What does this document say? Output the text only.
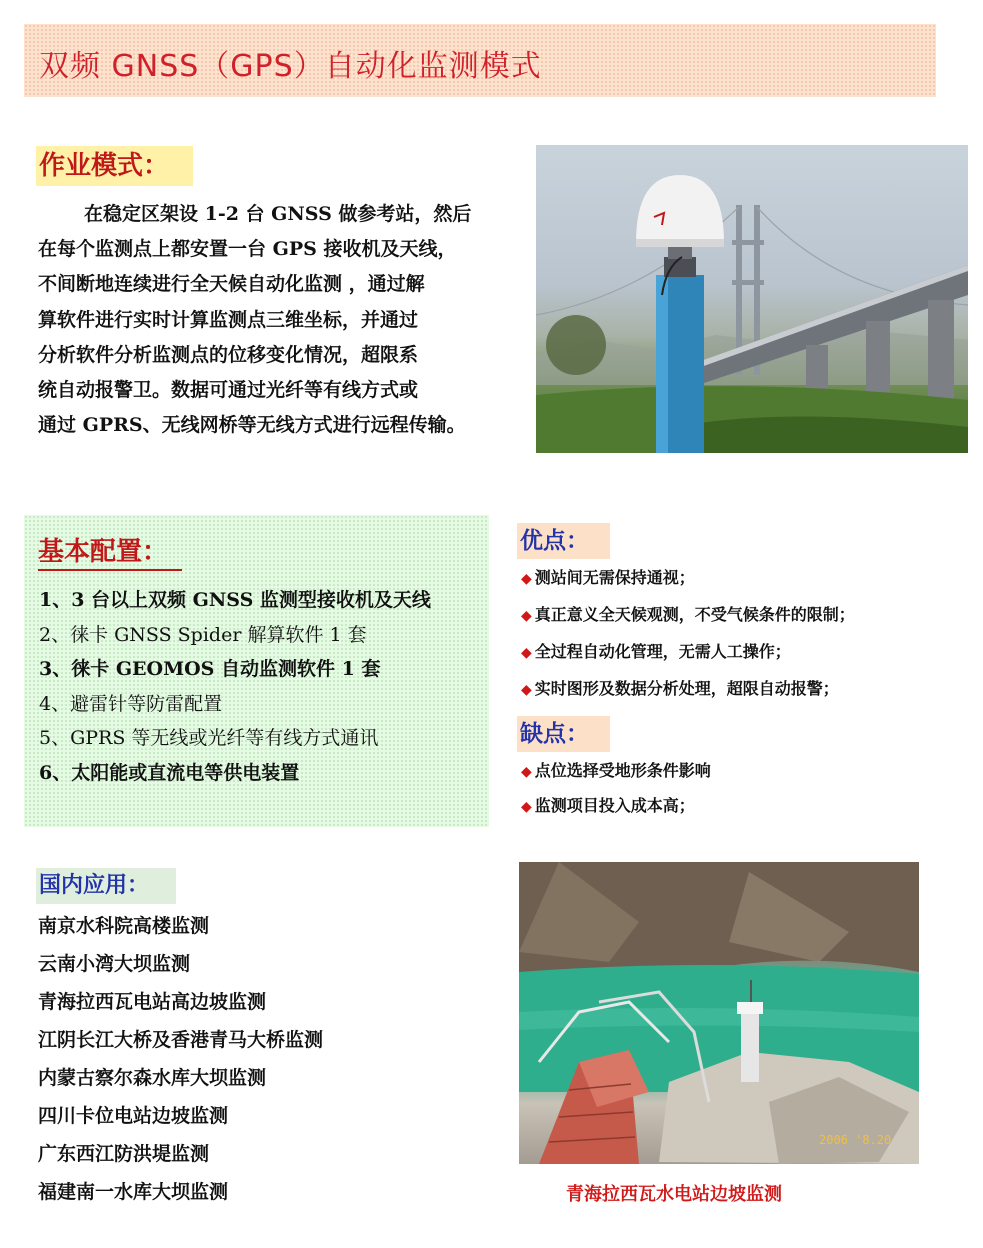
双频 GNSS（GPS）自动化监测模式
作业模式：
在稳定区架设 1-2 台 GNSS 做参考站，然后
在每个监测点上都安置一台 GPS 接收机及天线，
不间断地连续进行全天候自动化监测 ，通过解
算软件进行实时计算监测点三维坐标，并通过
分析软件分析监测点的位移变化情况，超限系
统自动报警卫。数据可通过光纤等有线方式或
通过 GPRS、无线网桥等无线方式进行远程传输。
基本配置：
1、3 台以上双频 GNSS 监测型接收机及天线
2、徕卡 GNSS Spider 解算软件 1 套
3、徕卡 GEOMOS 自动监测软件 1 套
4、避雷针等防雷配置
5、GPRS 等无线或光纤等有线方式通讯
6、太阳能或直流电等供电装置
优点：
◆ 测站间无需保持通视；
◆ 真正意义全天候观测，不受气候条件的限制；
◆ 全过程自动化管理，无需人工操作；
◆ 实时图形及数据分析处理，超限自动报警；
缺点：
◆ 点位选择受地形条件影响
◆ 监测项目投入成本高；
国内应用：
南京水科院高楼监测
云南小湾大坝监测
青海拉西瓦电站高边坡监测
江阴长江大桥及香港青马大桥监测
内蒙古察尔森水库大坝监测
四川卡位电站边坡监测
广东西江防洪堤监测
福建南一水库大坝监测
2006 '8.20
青海拉西瓦水电站边坡监测
